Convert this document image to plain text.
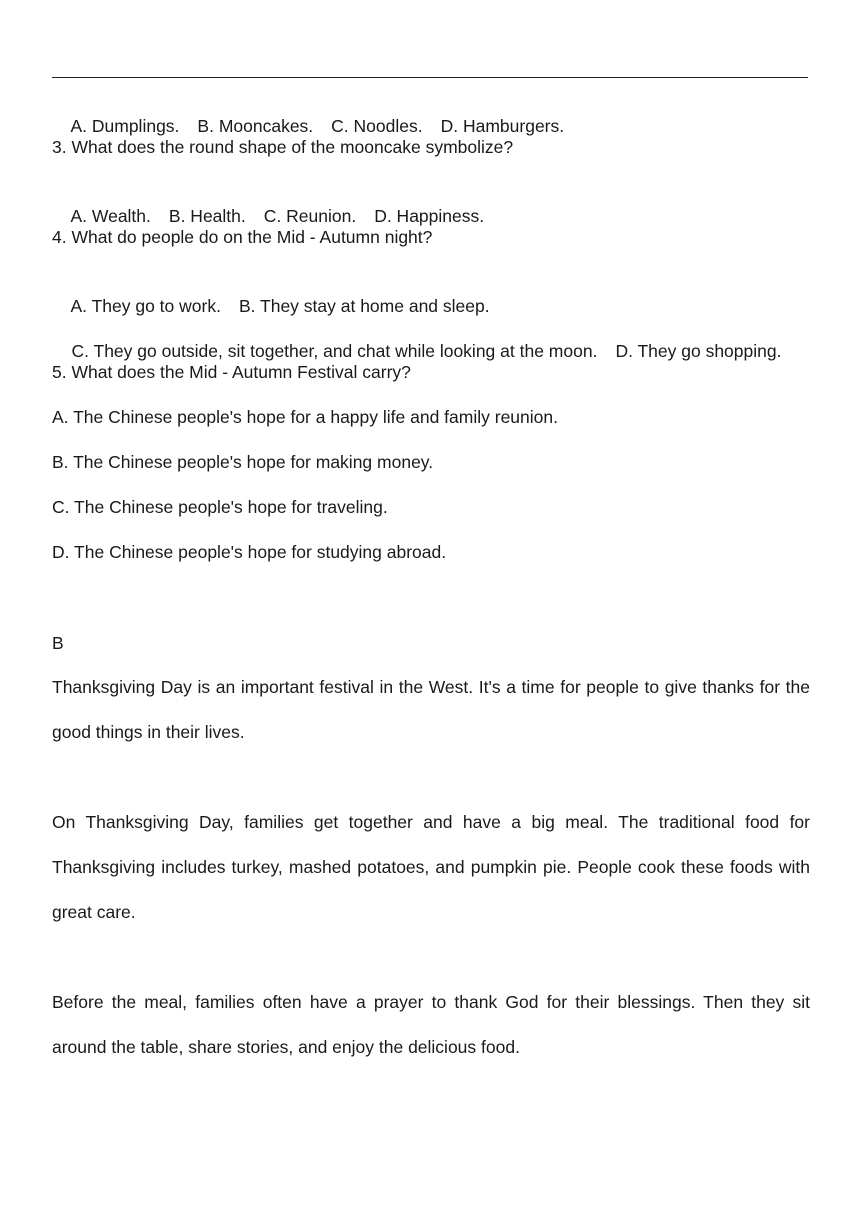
A. Dumplings. B. Mooncakes. C. Noodles. D. Hamburgers.

3. What does the round shape of the mooncake symbolize?

A. Wealth. B. Health. C. Reunion. D. Happiness.

4. What do people do on the Mid - Autumn night?

A. They go to work. B. They stay at home and sleep.

C. They go outside, sit together, and chat while looking at the moon. D. They go shopping.

5. What does the Mid - Autumn Festival carry?
A. The Chinese people's hope for a happy life and family reunion.
B. The Chinese people's hope for making money.
C. The Chinese people's hope for traveling.
D. The Chinese people's hope for studying abroad.
B
Thanksgiving Day is an important festival in the West. It's a time for people to give thanks for the good things in their lives.
On Thanksgiving Day, families get together and have a big meal. The traditional food for Thanksgiving includes turkey, mashed potatoes, and pumpkin pie. People cook these foods with great care.
Before the meal, families often have a prayer to thank God for their blessings. Then they sit around the table, share stories, and enjoy the delicious food.
